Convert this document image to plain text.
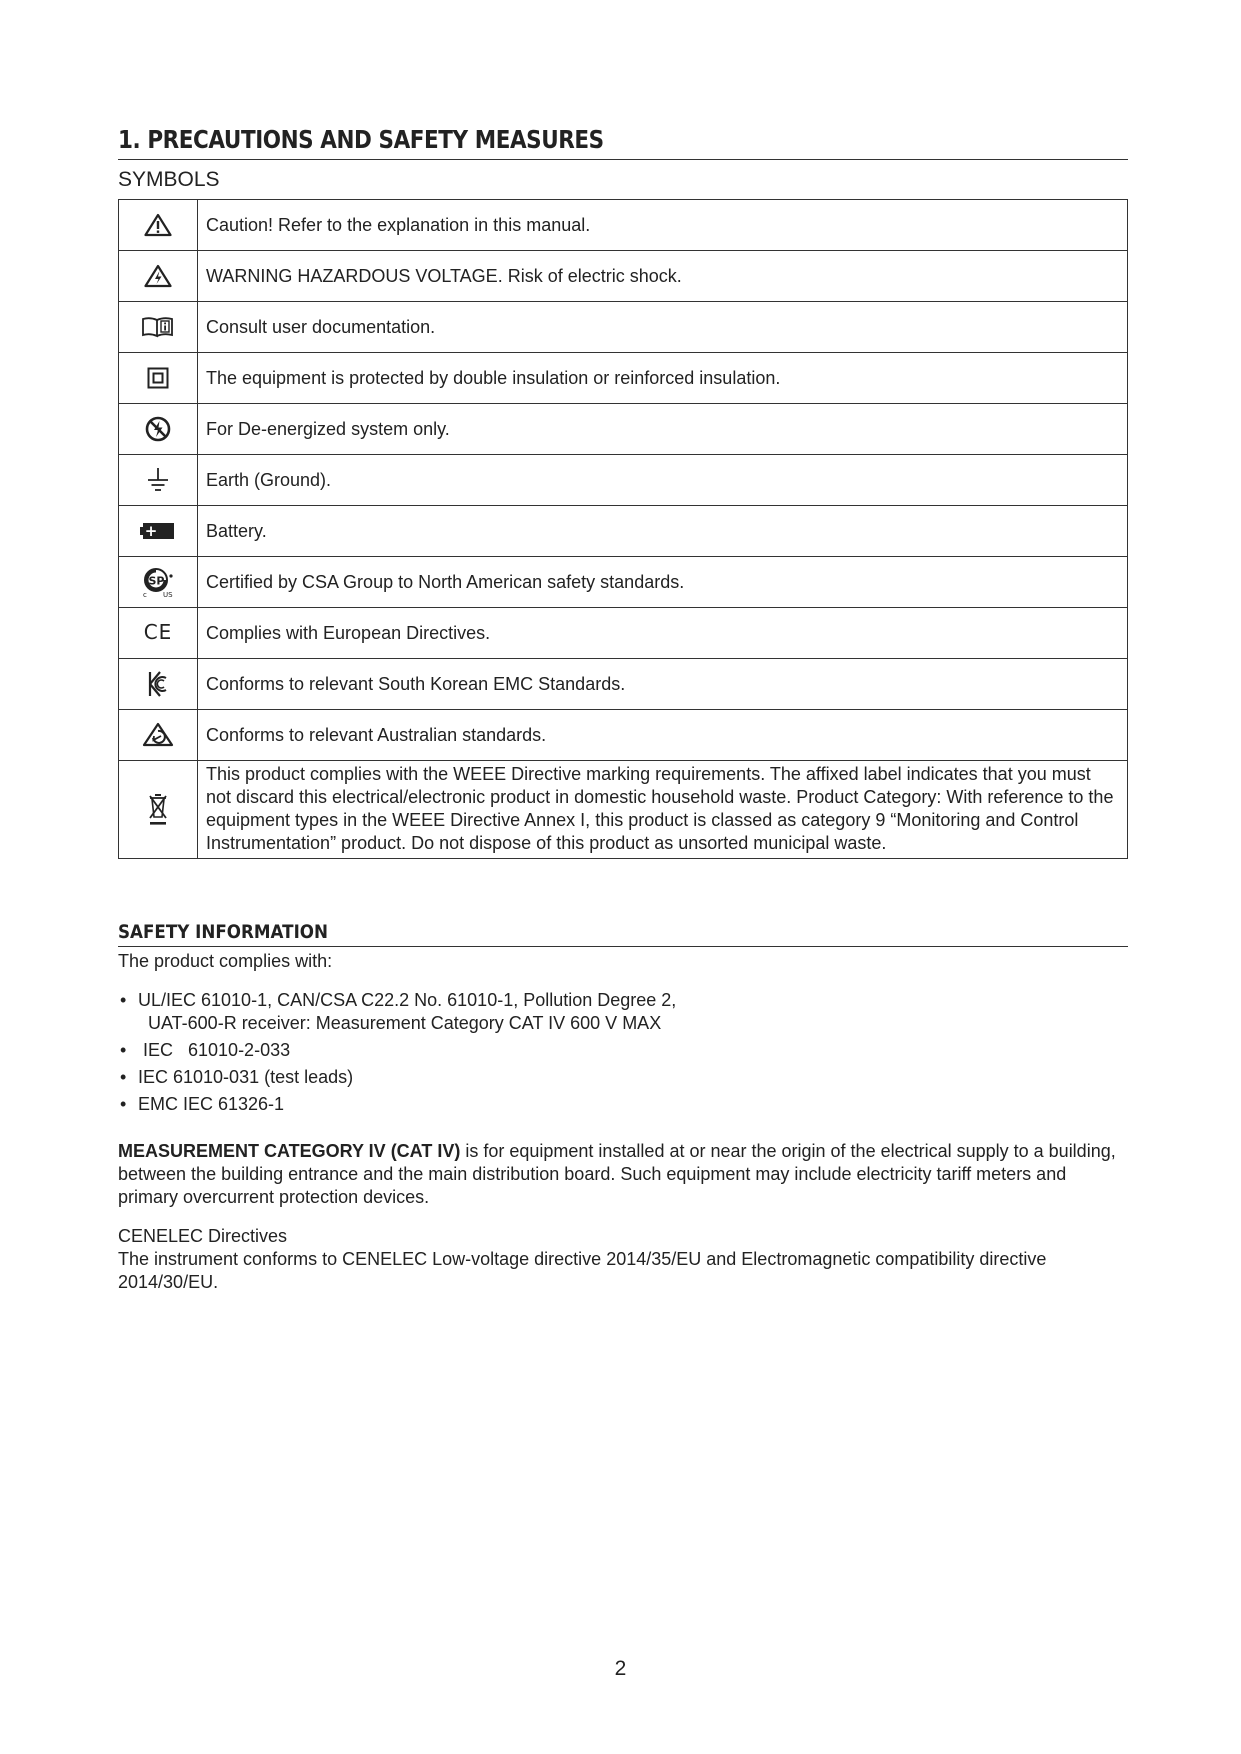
1. PRECAUTIONS AND SAFETY MEASURES
SYMBOLS
	Caution! Refer to the explanation in this manual.

	WARNING HAZARDOUS VOLTAGE. Risk of electric shock.

	Consult user documentation.

	The equipment is protected by double insulation or reinforced insulation.

	For De-energized system only.

	Earth (Ground).

+	Battery.

SP
c US	Certified by CSA Group to North American safety standards.
CE	Complies with European Directives.

	Conforms to relevant South Korean EMC Standards.

	Conforms to relevant Australian standards.

	This product complies with the WEEE Directive marking requirements. The affixed label indicates that you must not discard this electrical/electronic product in domestic household waste. Product Category: With reference to the equipment types in the WEEE Directive Annex I, this product is classed as category 9 “Monitoring and Control Instrumentation” product. Do not dispose of this product as unsorted municipal waste.
SAFETY INFORMATION

The product complies with:

• UL/IEC 61010-1, CAN/CSA C22.2 No. 61010-1, Pollution Degree 2,
UAT-600-R receiver: Measurement Category CAT IV 600 V MAX
• IEC   61010-2-033
• IEC 61010-031 (test leads)
• EMC IEC 61326-1

MEASUREMENT CATEGORY IV (CAT IV) is for equipment installed at or near the origin of the electrical supply to a building, between the building entrance and the main distribution board. Such equipment may include electricity tariff meters and primary overcurrent protection devices.

CENELEC Directives

The instrument conforms to CENELEC Low-voltage directive 2014/35/EU and Electromagnetic compatibility directive 2014/30/EU.

2
